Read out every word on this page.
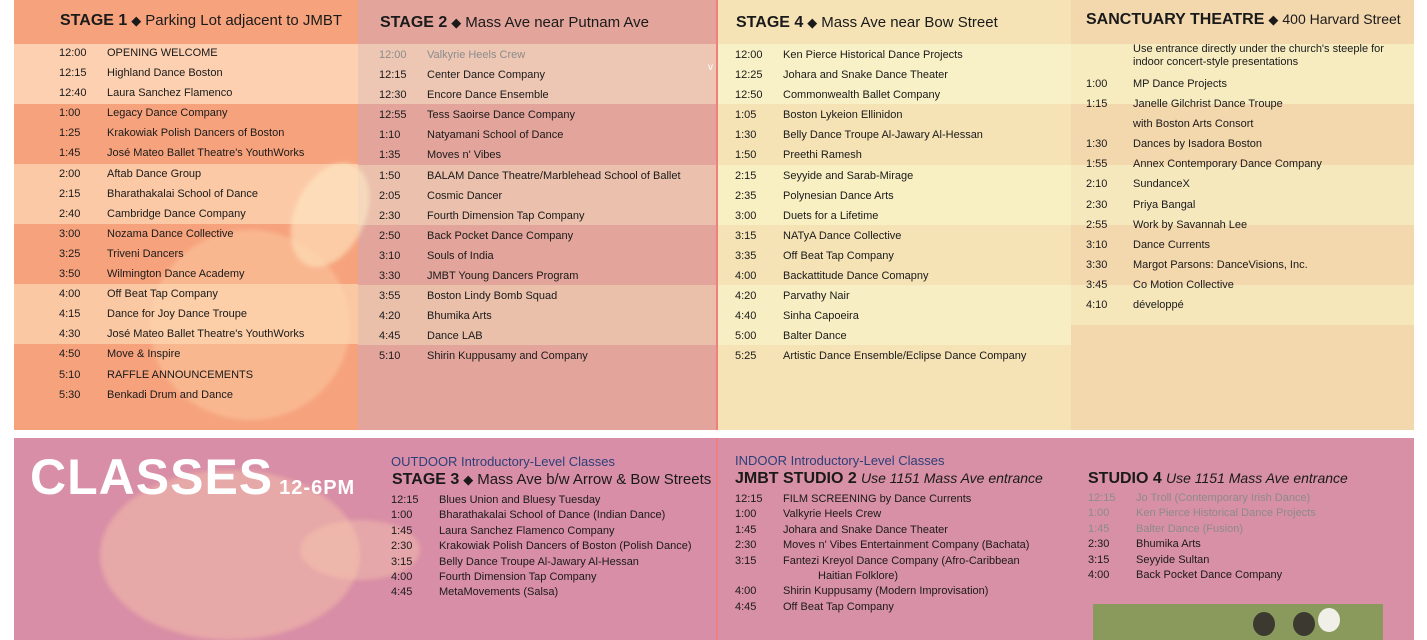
STAGE 1 ◆ Parking Lot adjacent to JMBT
12:00 OPENING WELCOME
12:15 Highland Dance Boston
12:40 Laura Sanchez Flamenco
1:00 Legacy Dance Company
1:25 Krakowiak Polish Dancers of Boston
1:45 José Mateo Ballet Theatre's YouthWorks
2:00 Aftab Dance Group
2:15 Bharathakalai School of Dance
2:40 Cambridge Dance Company
3:00 Nozama Dance Collective
3:25 Triveni Dancers
3:50 Wilmington Dance Academy
4:00 Off Beat Tap Company
4:15 Dance for Joy Dance Troupe
4:30 José Mateo Ballet Theatre's YouthWorks
4:50 Move & Inspire
5:10 RAFFLE ANNOUNCEMENTS
5:30 Benkadi Drum and Dance
STAGE 2 ◆ Mass Ave near Putnam Ave
v
12:00 Valkyrie Heels Crew
12:15 Center Dance Company
12:30 Encore Dance Ensemble
12:55 Tess Saoirse Dance Company
1:10 Natyamani School of Dance
1:35 Moves n' Vibes
1:50 BALAM Dance Theatre/Marblehead School of Ballet
2:05 Cosmic Dancer
2:30 Fourth Dimension Tap Company
2:50 Back Pocket Dance Company
3:10 Souls of India
3:30 JMBT Young Dancers Program
3:55 Boston Lindy Bomb Squad
4:20 Bhumika Arts
4:45 Dance LAB
5:10 Shirin Kuppusamy and Company
STAGE 4 ◆ Mass Ave near Bow Street
12:00 Ken Pierce Historical Dance Projects
12:25 Johara and Snake Dance Theater
12:50 Commonwealth Ballet Company
1:05 Boston Lykeion Ellinidon
1:30 Belly Dance Troupe Al-Jawary Al-Hessan
1:50 Preethi Ramesh
2:15 Seyyide and Sarab-Mirage
2:35 Polynesian Dance Arts
3:00 Duets for a Lifetime
3:15 NATyA Dance Collective
3:35 Off Beat Tap Company
4:00 Backattitude Dance Comapny
4:20 Parvathy Nair
4:40 Sinha Capoeira
5:00 Balter Dance
5:25 Artistic Dance Ensemble/Eclipse Dance Company
SANCTUARY THEATRE ◆ 400 Harvard Street
Use entrance directly under the church's steeple for
indoor concert-style presentations
1:00 MP Dance Projects
1:15 Janelle Gilchrist Dance Troupe
with Boston Arts Consort
1:30 Dances by Isadora Boston
1:55 Annex Contemporary Dance Company
2:10 SundanceX
2:30 Priya Bangal
2:55 Work by Savannah Lee
3:10 Dance Currents
3:30 Margot Parsons: DanceVisions, Inc.
3:45 Co Motion Collective
4:10 développé
CLASSES 12-6PM
OUTDOOR Introductory-Level Classes
STAGE 3 ◆ Mass Ave b/w Arrow & Bow Streets
12:15 Blues Union and Bluesy Tuesday
1:00 Bharathakalai School of Dance (Indian Dance)
1:45 Laura Sanchez Flamenco Company
2:30 Krakowiak Polish Dancers of Boston (Polish Dance)
3:15 Belly Dance Troupe Al-Jawary Al-Hessan
4:00 Fourth Dimension Tap Company
4:45 MetaMovements (Salsa)
INDOOR Introductory-Level Classes
JMBT STUDIO 2 Use 1151 Mass Ave entrance
12:15 FILM SCREENING by Dance Currents
1:00 Valkyrie Heels Crew
1:45 Johara and Snake Dance Theater
2:30 Moves n' Vibes Entertainment Company (Bachata)
3:15 Fantezi Kreyol Dance Company (Afro-Caribbean
Haitian Folklore)
4:00 Shirin Kuppusamy (Modern Improvisation)
4:45 Off Beat Tap Company
STUDIO 4 Use 1151 Mass Ave entrance
12:15 Jo Troll (Contemporary Irish Dance)
1:00 Ken Pierce Historical Dance Projects
1:45 Balter Dance (Fusion)
2:30 Bhumika Arts
3:15 Seyyide Sultan
4:00 Back Pocket Dance Company
